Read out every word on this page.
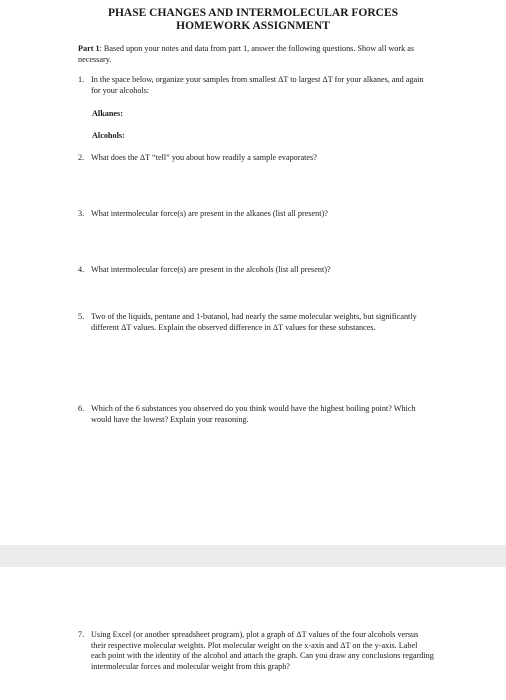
PHASE CHANGES AND INTERMOLECULAR FORCES
HOMEWORK ASSIGNMENT
Part 1: Based upon your notes and data from part 1, answer the following questions. Show all work as necessary.
1. In the space below, organize your samples from smallest ΔT to largest ΔT for your alkanes, and again for your alcohols:
Alkanes:
Alcohols:
2. What does the ΔT “tell” you about how readily a sample evaporates?
3. What intermolecular force(s) are present in the alkanes (list all present)?
4. What intermolecular force(s) are present in the alcohols (list all present)?
5. Two of the liquids, pentane and 1-butanol, had nearly the same molecular weights, but significantly different ΔT values. Explain the observed difference in ΔT values for these substances.
6. Which of the 6 substances you observed do you think would have the highest boiling point? Which would have the lowest? Explain your reasoning.
7. Using Excel (or another spreadsheet program), plot a graph of ΔT values of the four alcohols versus their respective molecular weights. Plot molecular weight on the x-axis and ΔT on the y-axis. Label each point with the identity of the alcohol and attach the graph. Can you draw any conclusions regarding intermolecular forces and molecular weight from this graph?
